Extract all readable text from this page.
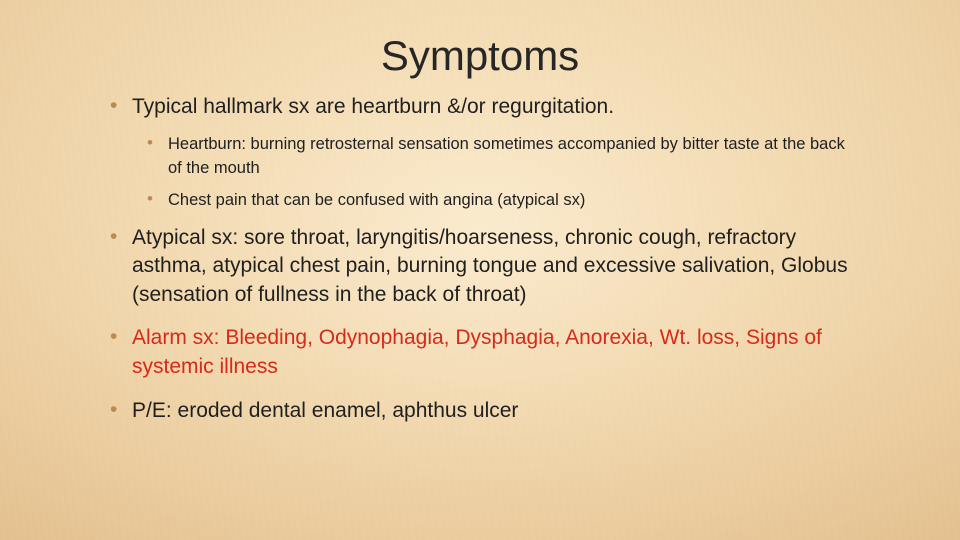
Symptoms
• Typical hallmark sx are heartburn &/or regurgitation.
• Heartburn: burning retrosternal sensation sometimes accompanied by bitter taste at the back of the mouth
• Chest pain that can be confused with angina (atypical sx)
• Atypical sx: sore throat, laryngitis/hoarseness, chronic cough, refractory asthma, atypical chest pain, burning tongue and excessive salivation, Globus (sensation of fullness in the back of throat)
• Alarm sx: Bleeding, Odynophagia, Dysphagia, Anorexia, Wt. loss, Signs of systemic illness
• P/E: eroded dental enamel, aphthus ulcer
